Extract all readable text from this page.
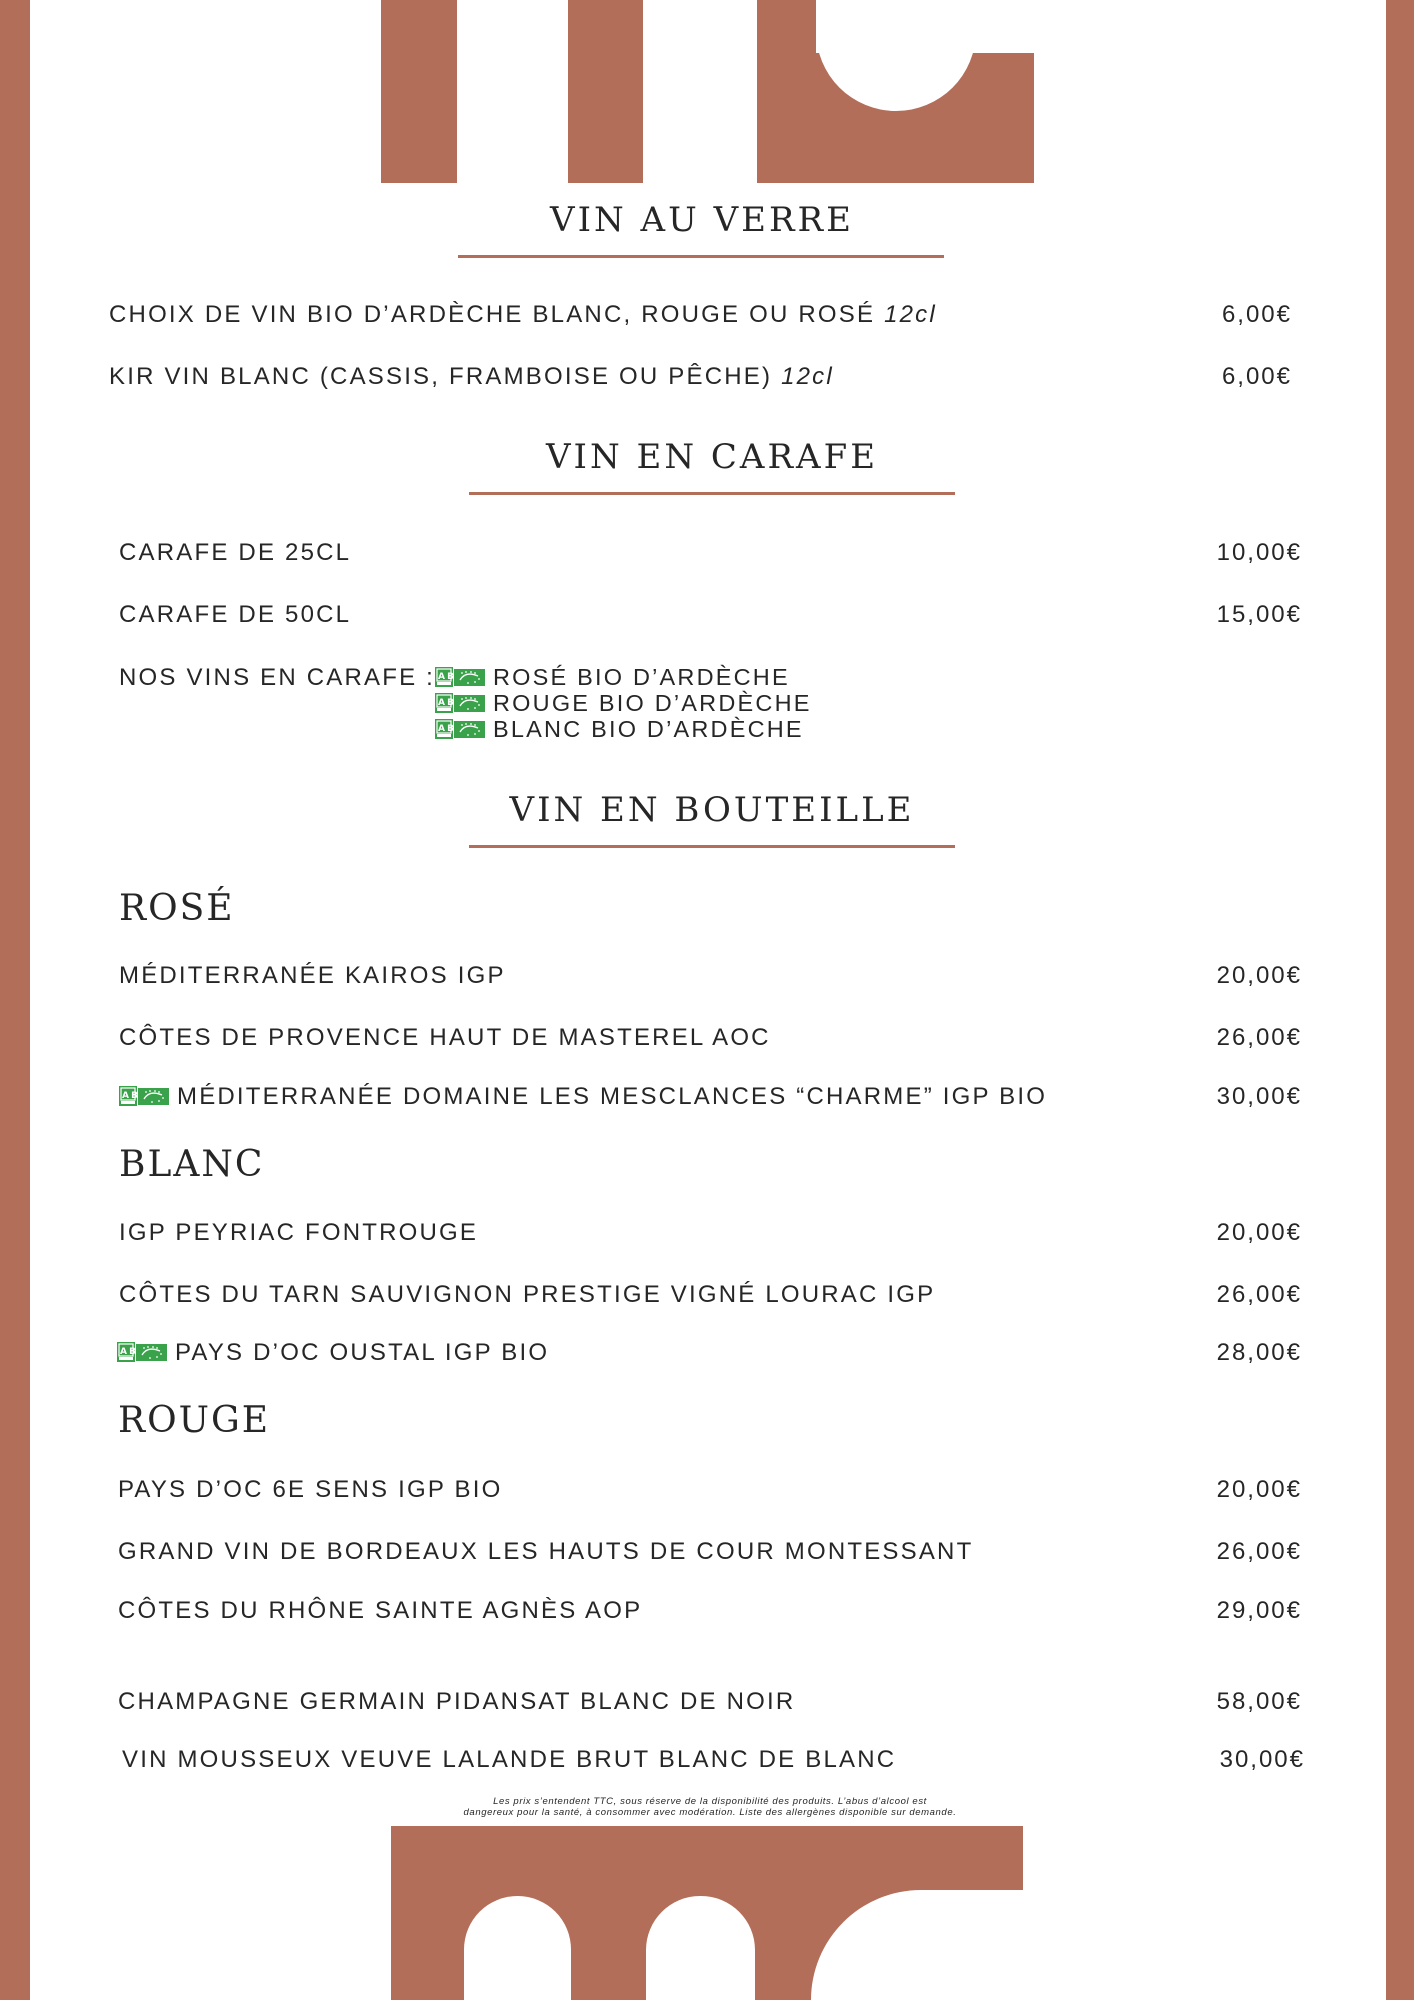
VIN AU VERRE
CHOIX DE VIN BIO D’ARDÈCHE BLANC, ROUGE OU ROSÉ 12cl	6,00€
KIR VIN BLANC (CASSIS, FRAMBOISE OU PÊCHE) 12cl	6,00€
VIN EN CARAFE
CARAFE DE 25CL	10,00€
CARAFE DE 50CL	15,00€
NOS VINS EN CARAFE :	ROSÉ BIO D’ARDÈCHE
ROUGE BIO D’ARDÈCHE
BLANC BIO D’ARDÈCHE
VIN EN BOUTEILLE
ROSÉ
MÉDITERRANÉE KAIROS IGP	20,00€
CÔTES DE PROVENCE HAUT DE MASTEREL AOC	26,00€
MÉDITERRANÉE DOMAINE LES MESCLANCES “CHARME” IGP BIO	30,00€
BLANC
IGP PEYRIAC FONTROUGE	20,00€
CÔTES DU TARN SAUVIGNON PRESTIGE VIGNÉ LOURAC IGP	26,00€
PAYS D’OC OUSTAL IGP BIO	28,00€
ROUGE
PAYS D’OC 6E SENS IGP BIO	20,00€
GRAND VIN DE BORDEAUX LES HAUTS DE COUR MONTESSANT	26,00€
CÔTES DU RHÔNE SAINTE AGNÈS AOP	29,00€
CHAMPAGNE GERMAIN PIDANSAT BLANC DE NOIR	58,00€
VIN MOUSSEUX VEUVE LALANDE BRUT BLANC DE BLANC	30,00€
Les prix s’entendent TTC, sous réserve de la disponibilité des produits. L’abus d’alcool est
dangereux pour la santé, à consommer avec modération. Liste des allergènes disponible sur demande.
